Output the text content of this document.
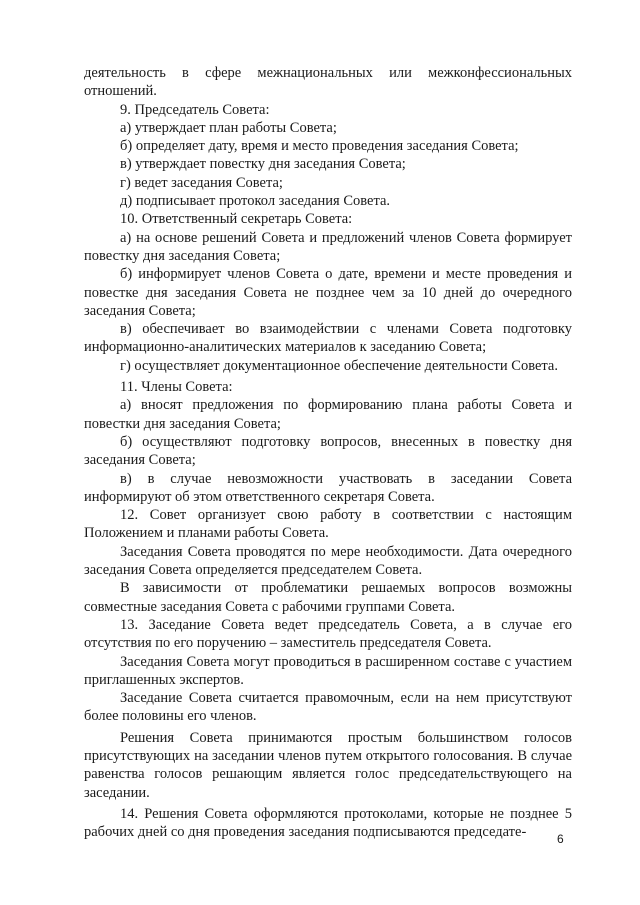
деятельность в сфере межнациональных или межконфессиональных отношений.

9. Председатель Совета:

а) утверждает план работы Совета;

б) определяет дату, время и место проведения заседания Совета;

в) утверждает повестку дня заседания Совета;

г) ведет заседания Совета;

д) подписывает протокол заседания Совета.

10. Ответственный секретарь Совета:

а) на основе решений Совета и предложений членов Совета формирует повестку дня заседания Совета;

б) информирует членов Совета о дате, времени и месте проведения и повестке дня заседания Совета не позднее чем за 10 дней до очередного заседания Совета;

в) обеспечивает во взаимодействии с членами Совета подготовку информационно-аналитических материалов к заседанию Совета;

г) осуществляет документационное обеспечение деятельности Совета.

11. Члены Совета:

а) вносят предложения по формированию плана работы Совета и повестки дня заседания Совета;

б) осуществляют подготовку вопросов, внесенных в повестку дня заседания Совета;

в) в случае невозможности участвовать в заседании Совета информируют об этом ответственного секретаря Совета.

12. Совет организует свою работу в соответствии с настоящим Положением и планами работы Совета.

Заседания Совета проводятся по мере необходимости. Дата очередного заседания Совета определяется председателем Совета.

В зависимости от проблематики решаемых вопросов возможны совместные заседания Совета с рабочими группами Совета.

13. Заседание Совета ведет председатель Совета, а в случае его отсутствия по его поручению – заместитель председателя Совета.

Заседания Совета могут проводиться в расширенном составе с участием приглашенных экспертов.

Заседание Совета считается правомочным, если на нем присутствуют более половины его членов.

Решения Совета принимаются простым большинством голосов присутствующих на заседании членов путем открытого голосования. В случае равенства голосов решающим является голос председательствующего на заседании.

14. Решения Совета оформляются протоколами, которые не позднее 5 рабочих дней со дня проведения заседания подписываются председате-	6
